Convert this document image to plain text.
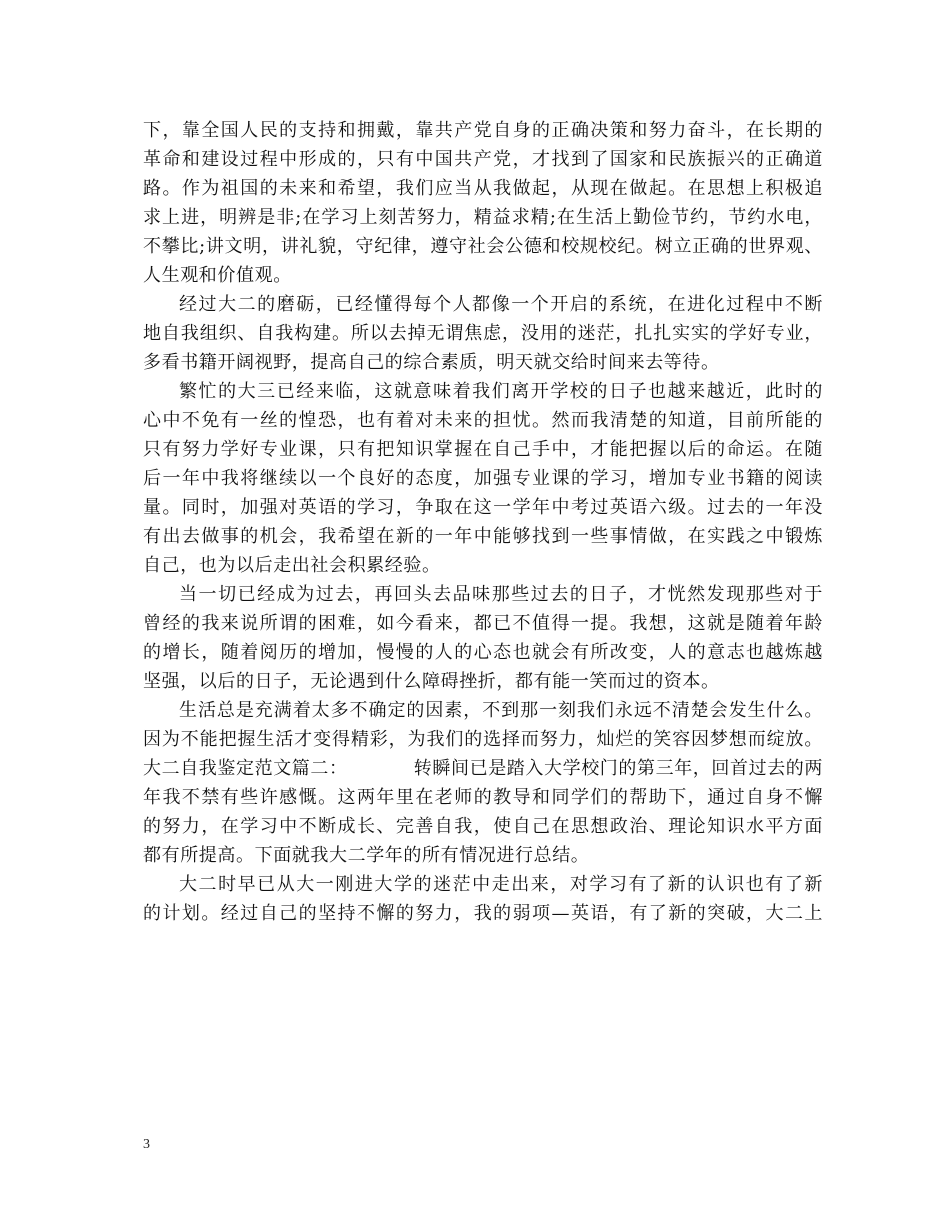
下，靠全国人民的支持和拥戴，靠共产党自身的正确决策和努力奋斗，在长期的
革命和建设过程中形成的，只有中国共产党，才找到了国家和民族振兴的正确道
路。作为祖国的未来和希望，我们应当从我做起，从现在做起。在思想上积极追
求上进，明辨是非;在学习上刻苦努力，精益求精;在生活上勤俭节约，节约水电，
不攀比;讲文明，讲礼貌，守纪律，遵守社会公德和校规校纪。树立正确的世界观、
人生观和价值观。
经过大二的磨砺，已经懂得每个人都像一个开启的系统，在进化过程中不断
地自我组织、自我构建。所以去掉无谓焦虑，没用的迷茫，扎扎实实的学好专业，
多看书籍开阔视野，提高自己的综合素质，明天就交给时间来去等待。
繁忙的大三已经来临，这就意味着我们离开学校的日子也越来越近，此时的
心中不免有一丝的惶恐，也有着对未来的担忧。然而我清楚的知道，目前所能的
只有努力学好专业课，只有把知识掌握在自己手中，才能把握以后的命运。在随
后一年中我将继续以一个良好的态度，加强专业课的学习，增加专业书籍的阅读
量。同时，加强对英语的学习，争取在这一学年中考过英语六级。过去的一年没
有出去做事的机会，我希望在新的一年中能够找到一些事情做，在实践之中锻炼
自己，也为以后走出社会积累经验。
当一切已经成为过去，再回头去品味那些过去的日子，才恍然发现那些对于
曾经的我来说所谓的困难，如今看来，都已不值得一提。我想，这就是随着年龄
的增长，随着阅历的增加，慢慢的人的心态也就会有所改变，人的意志也越炼越
坚强，以后的日子，无论遇到什么障碍挫折，都有能一笑而过的资本。
生活总是充满着太多不确定的因素，不到那一刻我们永远不清楚会发生什么。
因为不能把握生活才变得精彩，为我们的选择而努力，灿烂的笑容因梦想而绽放。
大二自我鉴定范文篇二：	转瞬间已是踏入大学校门的第三年，回首过去的两
年我不禁有些许感慨。这两年里在老师的教导和同学们的帮助下，通过自身不懈
的努力，在学习中不断成长、完善自我，使自己在思想政治、理论知识水平方面
都有所提高。下面就我大二学年的所有情况进行总结。
大二时早已从大一刚进大学的迷茫中走出来，对学习有了新的认识也有了新
的计划。经过自己的坚持不懈的努力，我的弱项—英语，有了新的突破，大二上
3
